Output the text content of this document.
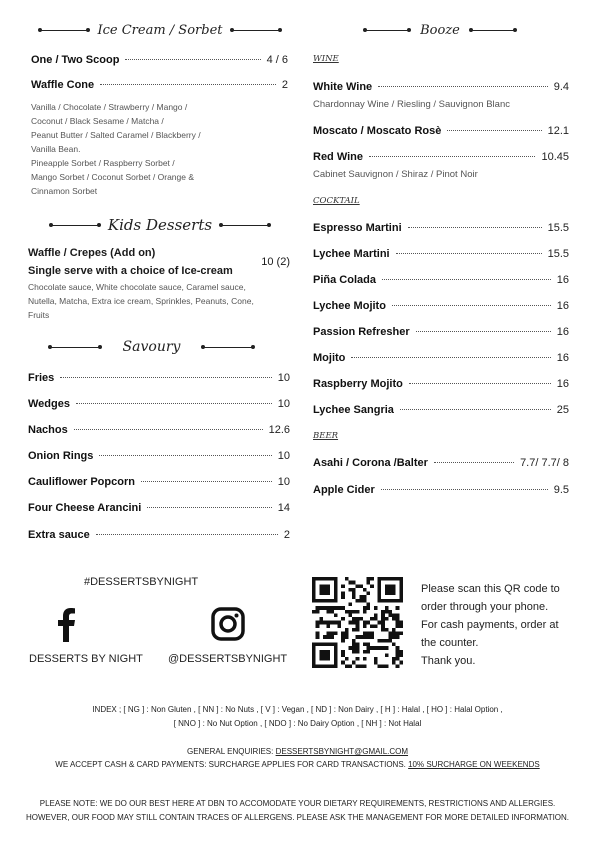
Ice Cream / Sorbet
One / Two Scoop	4 / 6
Waffle Cone	2
Vanilla / Chocolate / Strawberry / Mango /
Coconut / Black Sesame / Matcha /
Peanut Butter / Salted Caramel / Blackberry /
Vanilla Bean.
Pineapple Sorbet / Raspberry Sorbet /
Mango Sorbet / Coconut Sorbet / Orange &
Cinnamon Sorbet
Kids Desserts
Waffle / Crepes (Add on)
Single serve with a choice of Ice-cream
10 (2)
Chocolate sauce, White chocolate sauce, Caramel sauce,
Nutella, Matcha, Extra ice cream, Sprinkles, Peanuts, Cone,
Fruits
Savoury
Fries	10
Wedges	10
Nachos	12.6
Onion Rings	10
Cauliflower Popcorn	10
Four Cheese Arancini	14
Extra sauce	2
Booze
WINE
White Wine	9.4
Chardonnay Wine / Riesling / Sauvignon Blanc
Moscato / Moscato Rosè	12.1
Red Wine	10.45
Cabinet Sauvignon / Shiraz / Pinot Noir
COCKTAIL
Espresso Martini	15.5
Lychee Martini	15.5
Piña Colada	16
Lychee Mojito	16
Passion Refresher	16
Mojito	16
Raspberry Mojito	16
Lychee Sangria	25
BEER
Asahi / Corona /Balter	7.7/ 7.7/ 8
Apple Cider	9.5
#DESSERTSBYNIGHT
DESSERTS BY NIGHT @DESSERTSBYNIGHT
Please scan this QR code to
order through your phone.
For cash payments, order at
the counter.
Thank you.
INDEX ; [ NG ] : Non Gluten , [ NN ] : No Nuts , [ V ] : Vegan , [ ND ] : Non Dairy , [ H ] : Halal , [ HO ] : Halal Option ,
[ NNO ] : No Nut Option , [ NDO ] : No Dairy Option , [ NH ] : Not Halal
GENERAL ENQUIRIES: DESSERTSBYNIGHT@GMAIL.COM
WE ACCEPT CASH & CARD PAYMENTS: SURCHARGE APPLIES FOR CARD TRANSACTIONS. 10% SURCHARGE ON WEEKENDS
PLEASE NOTE: WE DO OUR BEST HERE AT DBN TO ACCOMODATE YOUR DIETARY REQUIREMENTS, RESTRICTIONS AND ALLERGIES.
HOWEVER, OUR FOOD MAY STILL CONTAIN TRACES OF ALLERGENS. PLEASE ASK THE MANAGEMENT FOR MORE DETAILED INFORMATION.
